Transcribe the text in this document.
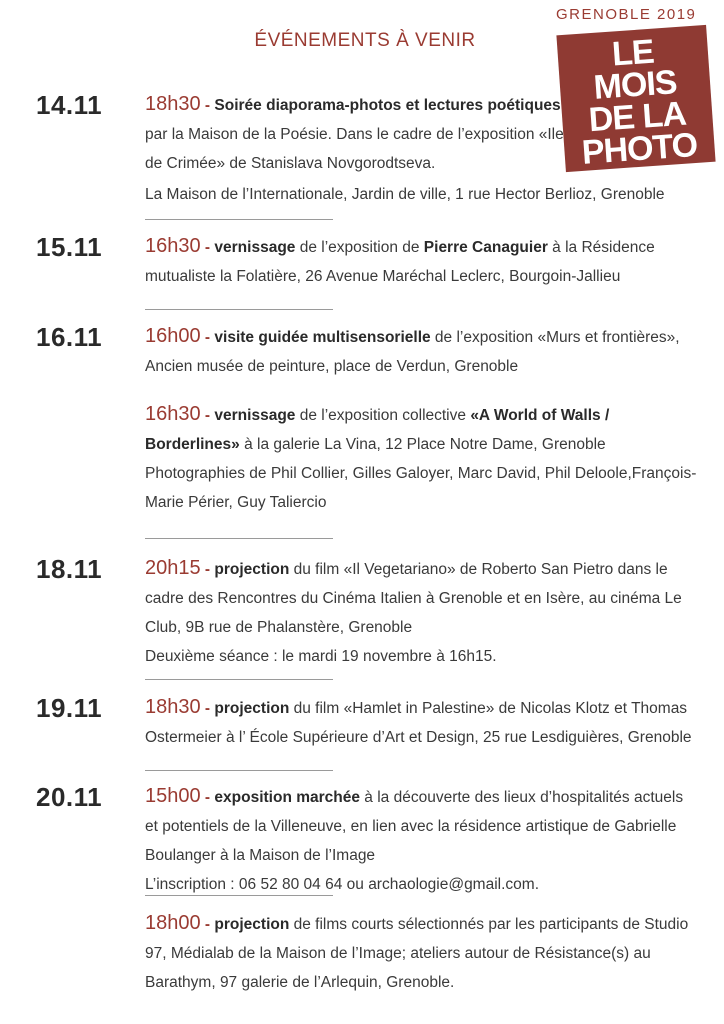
ÉVÉNEMENTS À VENIR
GRENOBLE 2019
LE
MOIS
DE LA
PHOTO
14.11 18h30 - Soirée diaporama-photos et lectures poétiques par la Maison de la Poésie. Dans le cadre de l’exposition «Ile de Crimée» de Stanislava Novgorodtseva.
La Maison de l’Internationale, Jardin de ville, 1 rue Hector Berlioz, Grenoble
15.11 16h30 - vernissage de l’exposition de Pierre Canaguier à la Résidence mutualiste la Folatière, 26 Avenue Maréchal Leclerc, Bourgoin-Jallieu
16.11 16h00 - visite guidée multisensorielle de l’exposition «Murs et frontières», Ancien musée de peinture, place de Verdun, Grenoble
16h30 - vernissage de l’exposition collective «A World of Walls / Borderlines» à la galerie La Vina, 12 Place Notre Dame, Grenoble Photographies de Phil Collier, Gilles Galoyer, Marc David, Phil Deloole,François-Marie Périer, Guy Taliercio
18.11 20h15 - projection du film «Il Vegetariano» de Roberto San Pietro dans le cadre des Rencontres du Cinéma Italien à Grenoble et en Isère, au cinéma Le Club, 9B rue de Phalanstère, Grenoble
Deuxième séance : le mardi 19 novembre à 16h15.
19.11 18h30 - projection du film «Hamlet in Palestine» de Nicolas Klotz et Thomas Ostermeier à l’ École Supérieure d’Art et Design, 25 rue Lesdiguières, Grenoble
20.11 15h00 - exposition marchée à la découverte des lieux d’hospitalités actuels et potentiels de la Villeneuve, en lien avec la résidence artistique de Gabrielle Boulanger à la Maison de l’Image
L’inscription : 06 52 80 04 64 ou archaologie@gmail.com.
18h00 - projection de films courts sélectionnés par les participants de Studio 97, Médialab de la Maison de l’Image; ateliers autour de Résistance(s) au Barathym, 97 galerie de l’Arlequin, Grenoble.
